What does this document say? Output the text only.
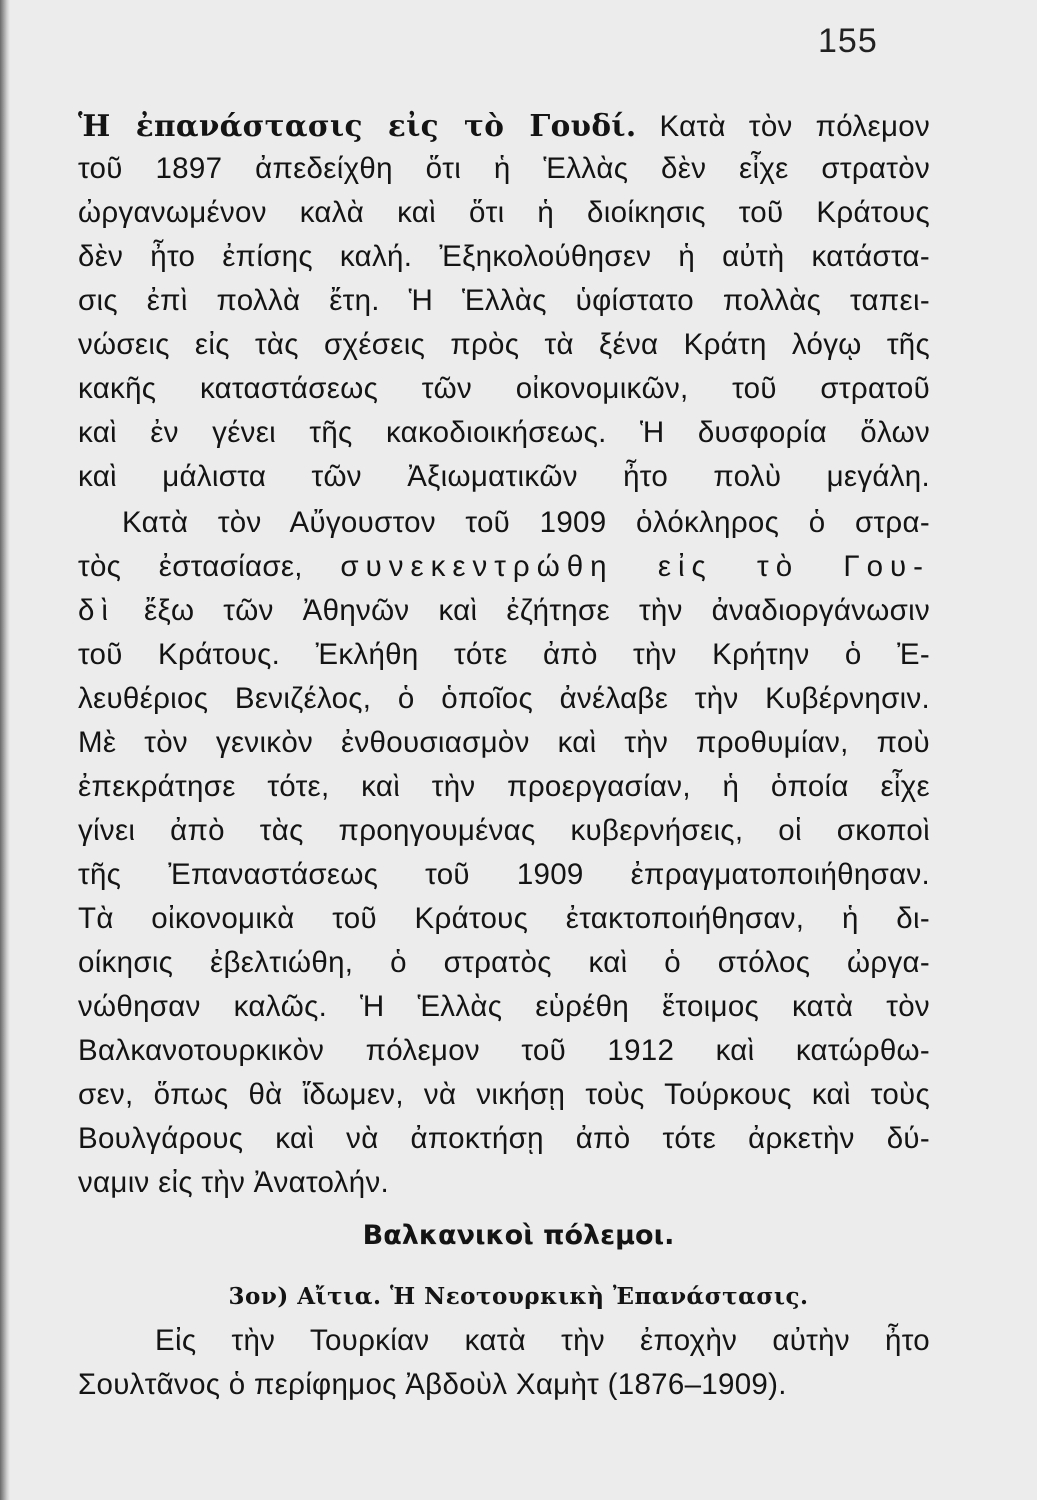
155
Ἡ ἐπανάστασις εἰς τὸ Γουδί. Κατὰ τὸν πόλεμον
τοῦ 1897 ἀπεδείχθη ὅτι ἡ Ἑλλὰς δὲν εἶχε στρατὸν
ὠργανωμένον καλὰ καὶ ὅτι ἡ διοίκησις τοῦ Κράτους
δὲν ἦτο ἐπίσης καλή. Ἐξηκολούθησεν ἡ αὐτὴ κατάστα-
σις ἐπὶ πολλὰ ἔτη. Ἡ Ἑλλὰς ὑφίστατο πολλὰς ταπει-
νώσεις εἰς τὰς σχέσεις πρὸς τὰ ξένα Κράτη λόγῳ τῆς
κακῆς καταστάσεως τῶν οἰκονομικῶν, τοῦ στρατοῦ
καὶ ἐν γένει τῆς κακοδιοικήσεως. Ἡ δυσφορία ὅλων
καὶ μάλιστα τῶν Ἀξιωματικῶν ἦτο πολὺ μεγάλη.
Κατὰ τὸν Αὔγουστον τοῦ 1909 ὁλόκληρος ὁ στρα-
τὸς ἐστασίασε, συνεκεντρώθη εἰς τὸ Γου-
δὶ ἔξω τῶν Ἀθηνῶν καὶ ἐζήτησε τὴν ἀναδιοργάνωσιν
τοῦ Κράτους. Ἐκλήθη τότε ἀπὸ τὴν Κρήτην ὁ Ἐ-
λευθέριος Βενιζέλος, ὁ ὁποῖος ἀνέλαβε τὴν Κυβέρνησιν.
Μὲ τὸν γενικὸν ἐνθουσιασμὸν καὶ τὴν προθυμίαν, ποὺ
ἐπεκράτησε τότε, καὶ τὴν προεργασίαν, ἡ ὁποία εἶχε
γίνει ἀπὸ τὰς προηγουμένας κυβερνήσεις, οἱ σκοποὶ
τῆς Ἐπαναστάσεως τοῦ 1909 ἐπραγματοποιήθησαν.
Τὰ οἰκονομικὰ τοῦ Κράτους ἐτακτοποιήθησαν, ἡ δι-
οίκησις ἐβελτιώθη, ὁ στρατὸς καὶ ὁ στόλος ὠργα-
νώθησαν καλῶς. Ἡ Ἑλλὰς εὑρέθη ἕτοιμος κατὰ τὸν
Βαλκανοτουρκικὸν πόλεμον τοῦ 1912 καὶ κατώρθω-
σεν, ὅπως θὰ ἴδωμεν, νὰ νικήσῃ τοὺς Τούρκους καὶ τοὺς
Βουλγάρους καὶ νὰ ἀποκτήσῃ ἀπὸ τότε ἀρκετὴν δύ-
ναμιν εἰς τὴν Ἀνατολήν.
Βαλκανικοὶ πόλεμοι.
3ον) Αἴτια. Ἡ Νεοτουρκικὴ Ἐπανάστασις.
Εἰς τὴν Τουρκίαν κατὰ τὴν ἐποχὴν αὐτὴν ἦτο
Σουλτᾶνος ὁ περίφημος Ἀβδοὺλ Χαμὴτ (1876–1909).
